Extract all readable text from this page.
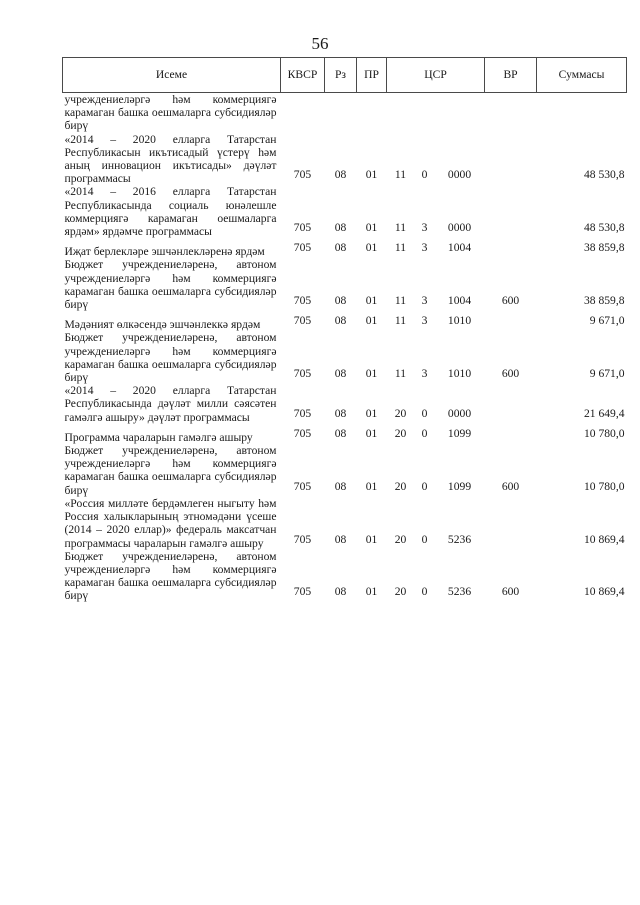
56
Исеме	КВСР	Рз	ПР	ЦСР			ВР	Суммасы
учреждениеләргә һәм коммерциягә карамаган башка оешмаларга субсидияләр бирү								
«2014 – 2020 елларга Татарстан Республикасын икътисадый үстерү һәм аның инновацион икътисады» дәүләт программасы	705	08	01	11	0	0000		48 530,8
«2014 – 2016 елларга Татарстан Республикасында социаль юнәлешле коммерциягә карамаган оешмаларга ярдәм» ярдәмче программасы	705	08	01	11	3	0000		48 530,8
Иҗат берлекләре эшчәнлекләренә ярдәм	705	08	01	11	3	1004		38 859,8
Бюджет учреждениеләренә, автоном учреждениеләргә һәм коммерциягә карамаган башка оешмаларга субсидияләр бирү	705	08	01	11	3	1004	600	38 859,8
Мәдәният өлкәсендә эшчәнлеккә ярдәм	705	08	01	11	3	1010		9 671,0
Бюджет учреждениеләренә, автоном учреждениеләргә һәм коммерциягә карамаган башка оешмаларга субсидияләр бирү	705	08	01	11	3	1010	600	9 671,0
«2014 – 2020 елларга Татарстан Республикасында дәүләт милли сәясәтен гамәлгә ашыру» дәүләт программасы	705	08	01	20	0	0000		21 649,4
Программа чараларын гамәлгә ашыру	705	08	01	20	0	1099		10 780,0
Бюджет учреждениеләренә, автоном учреждениеләргә һәм коммерциягә карамаган башка оешмаларга субсидияләр бирү	705	08	01	20	0	1099	600	10 780,0
«Россия милләте бердәмлеген ныгыту һәм Россия халыкларының этномәдәни үсеше (2014 – 2020 еллар)» федераль максатчан программасы чараларын гамәлгә ашыру	705	08	01	20	0	5236		10 869,4
Бюджет учреждениеләренә, автоном учреждениеләргә һәм коммерциягә карамаган башка оешмаларга субсидияләр бирү	705	08	01	20	0	5236	600	10 869,4
